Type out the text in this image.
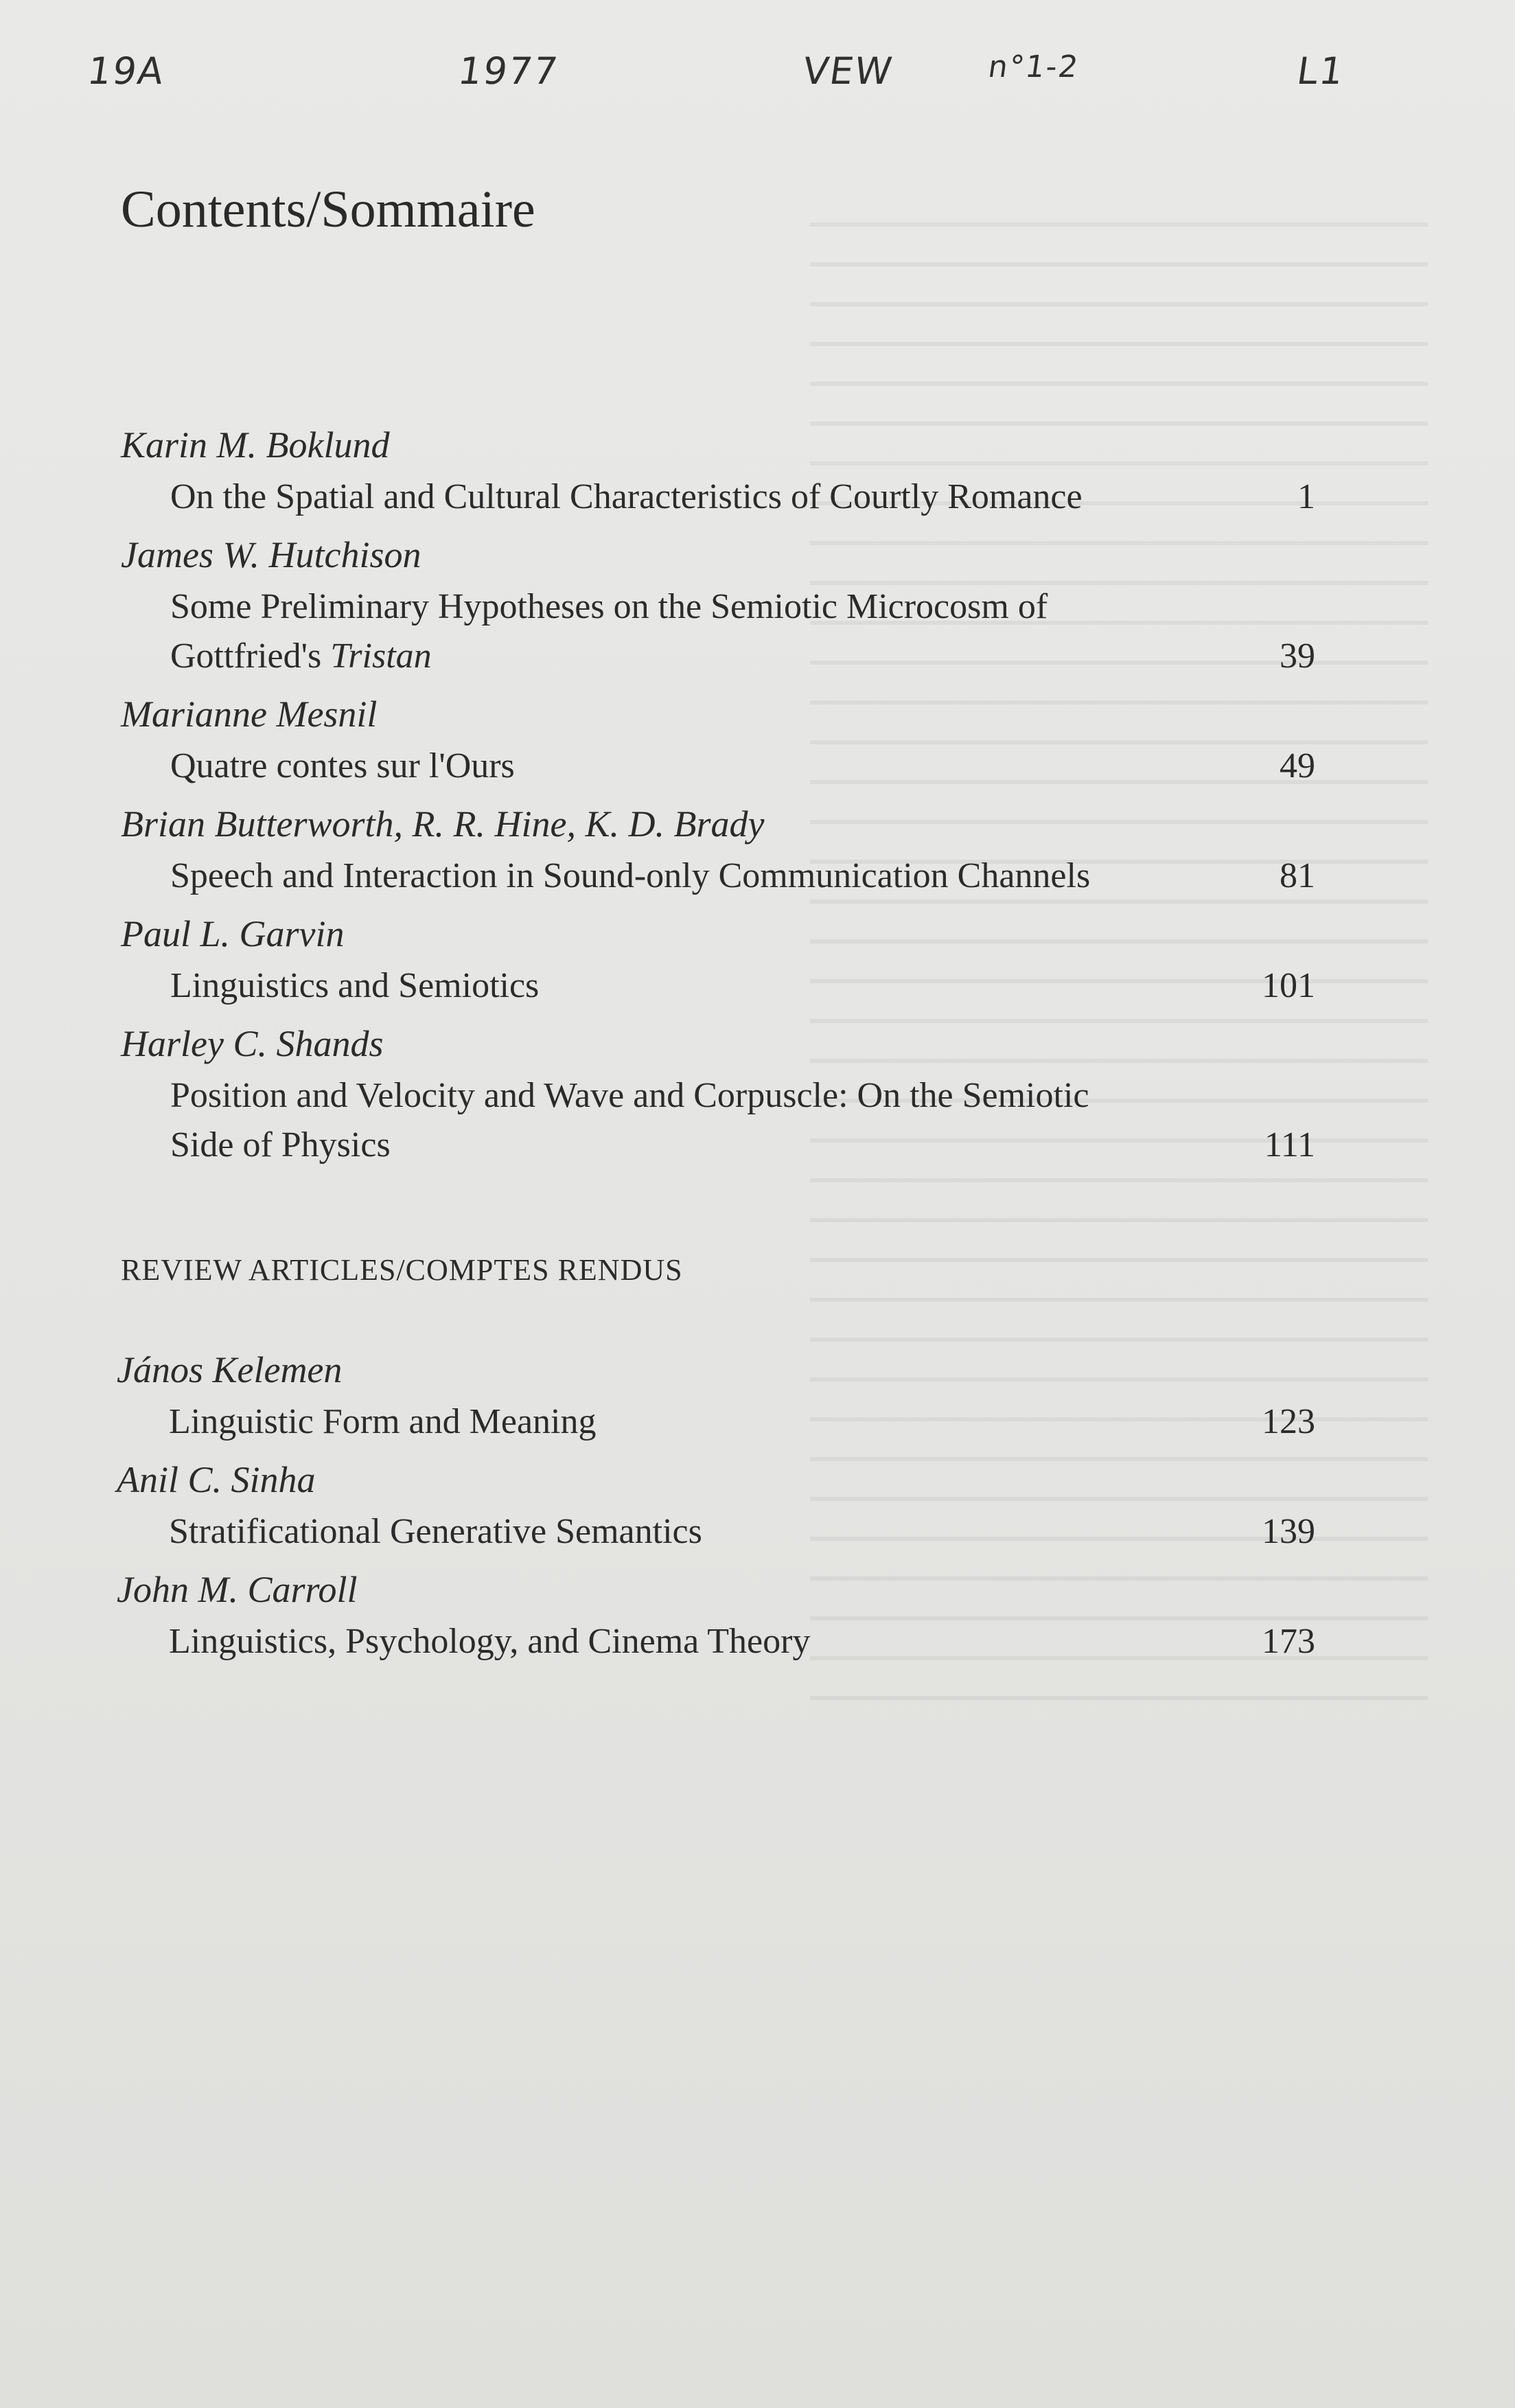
19A	1977	VEW	n°1-2	L1
Contents/Sommaire
Karin M. Boklund
On the Spatial and Cultural Characteristics of Courtly Romance	1
James W. Hutchison
Some Preliminary Hypotheses on the Semiotic Microcosm of
Gottfried's Tristan	39
Marianne Mesnil
Quatre contes sur l'Ours	49
Brian Butterworth, R. R. Hine, K. D. Brady
Speech and Interaction in Sound-only Communication Channels	81
Paul L. Garvin
Linguistics and Semiotics	101
Harley C. Shands
Position and Velocity and Wave and Corpuscle: On the Semiotic
Side of Physics	111
REVIEW ARTICLES/COMPTES RENDUS
János Kelemen
Linguistic Form and Meaning	123
Anil C. Sinha
Stratificational Generative Semantics	139
John M. Carroll
Linguistics, Psychology, and Cinema Theory	173
